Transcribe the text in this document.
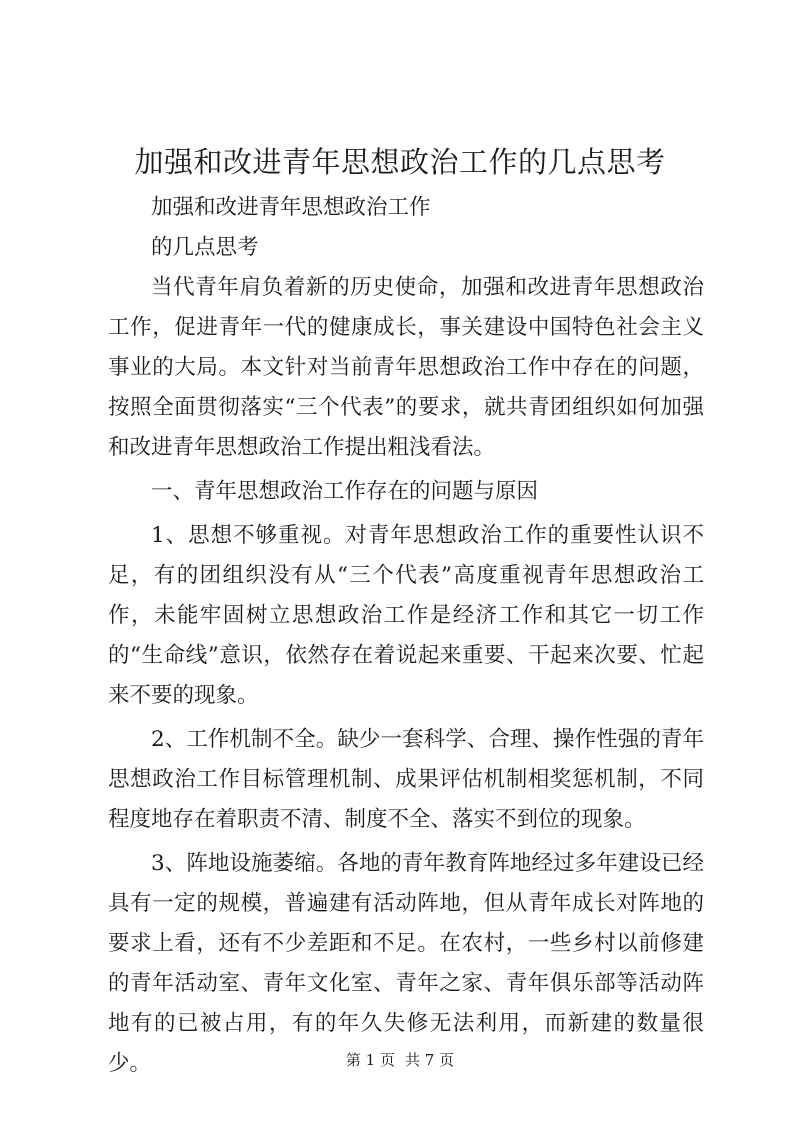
加强和改进青年思想政治工作的几点思考

加强和改进青年思想政治工作

的几点思考

当代青年肩负着新的历史使命，加强和改进青年思想政治工作，促进青年一代的健康成长，事关建设中国特色社会主义事业的大局。本文针对当前青年思想政治工作中存在的问题，按照全面贯彻落实“三个代表”的要求，就共青团组织如何加强和改进青年思想政治工作提出粗浅看法。

一、青年思想政治工作存在的问题与原因

1、思想不够重视。对青年思想政治工作的重要性认识不足，有的团组织没有从“三个代表”高度重视青年思想政治工作，未能牢固树立思想政治工作是经济工作和其它一切工作的“生命线”意识，依然存在着说起来重要、干起来次要、忙起来不要的现象。

2、工作机制不全。缺少一套科学、合理、操作性强的青年思想政治工作目标管理机制、成果评估机制相奖惩机制，不同程度地存在着职责不清、制度不全、落实不到位的现象。

3、阵地设施萎缩。各地的青年教育阵地经过多年建设已经具有一定的规模，普遍建有活动阵地，但从青年成长对阵地的要求上看，还有不少差距和不足。在农村，一些乡村以前修建的青年活动室、青年文化室、青年之家、青年俱乐部等活动阵地有的已被占用，有的年久失修无法利用，而新建的数量很少。	第 1 页 共 7 页
